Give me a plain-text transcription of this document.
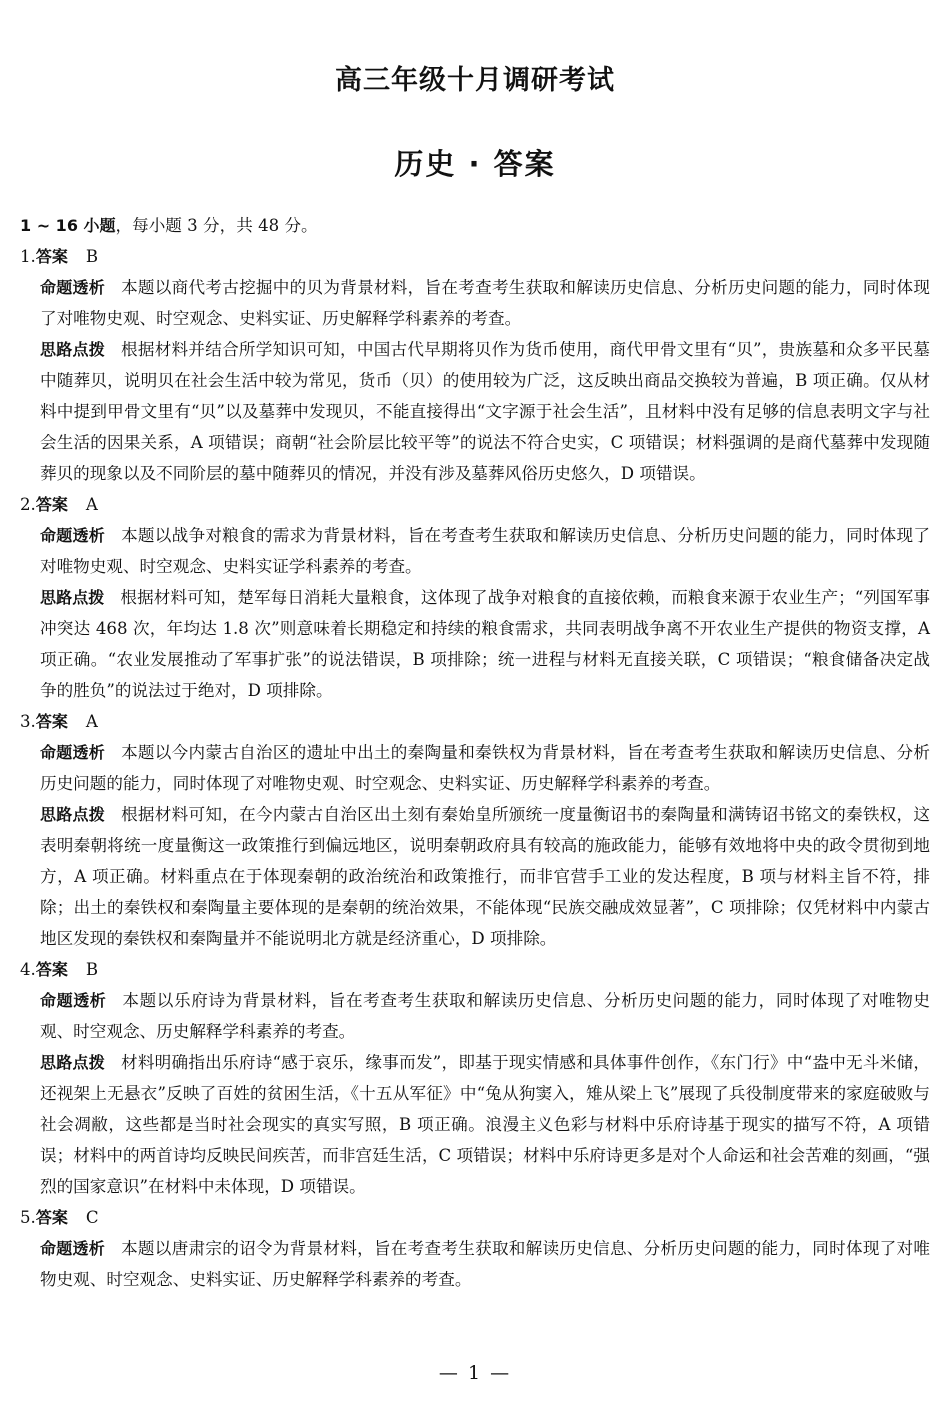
高三年级十月调研考试
历史 · 答案

1 ~ 16 小题，每小题 3 分，共 48 分。

1.答案 B

命题透析 本题以商代考古挖掘中的贝为背景材料，旨在考查考生获取和解读历史信息、分析历史问题的能力，同时体现了对唯物史观、时空观念、史料实证、历史解释学科素养的考查。

思路点拨 根据材料并结合所学知识可知，中国古代早期将贝作为货币使用，商代甲骨文里有“贝”，贵族墓和众多平民墓中随葬贝，说明贝在社会生活中较为常见，货币（贝）的使用较为广泛，这反映出商品交换较为普遍，B 项正确。仅从材料中提到甲骨文里有“贝”以及墓葬中发现贝，不能直接得出“文字源于社会生活”，且材料中没有足够的信息表明文字与社会生活的因果关系，A 项错误；商朝“社会阶层比较平等”的说法不符合史实，C 项错误；材料强调的是商代墓葬中发现随葬贝的现象以及不同阶层的墓中随葬贝的情况，并没有涉及墓葬风俗历史悠久，D 项错误。

2.答案 A

命题透析 本题以战争对粮食的需求为背景材料，旨在考查考生获取和解读历史信息、分析历史问题的能力，同时体现了对唯物史观、时空观念、史料实证学科素养的考查。

思路点拨 根据材料可知，楚军每日消耗大量粮食，这体现了战争对粮食的直接依赖，而粮食来源于农业生产；“列国军事冲突达 468 次，年均达 1.8 次”则意味着长期稳定和持续的粮食需求，共同表明战争离不开农业生产提供的物资支撑，A 项正确。“农业发展推动了军事扩张”的说法错误，B 项排除；统一进程与材料无直接关联，C 项错误；“粮食储备决定战争的胜负”的说法过于绝对，D 项排除。

3.答案 A

命题透析 本题以今内蒙古自治区的遗址中出土的秦陶量和秦铁权为背景材料，旨在考查考生获取和解读历史信息、分析历史问题的能力，同时体现了对唯物史观、时空观念、史料实证、历史解释学科素养的考查。

思路点拨 根据材料可知，在今内蒙古自治区出土刻有秦始皇所颁统一度量衡诏书的秦陶量和满铸诏书铭文的秦铁权，这表明秦朝将统一度量衡这一政策推行到偏远地区，说明秦朝政府具有较高的施政能力，能够有效地将中央的政令贯彻到地方，A 项正确。材料重点在于体现秦朝的政治统治和政策推行，而非官营手工业的发达程度，B 项与材料主旨不符，排除；出土的秦铁权和秦陶量主要体现的是秦朝的统治效果，不能体现“民族交融成效显著”，C 项排除；仅凭材料中内蒙古地区发现的秦铁权和秦陶量并不能说明北方就是经济重心，D 项排除。

4.答案 B

命题透析 本题以乐府诗为背景材料，旨在考查考生获取和解读历史信息、分析历史问题的能力，同时体现了对唯物史观、时空观念、历史解释学科素养的考查。

思路点拨 材料明确指出乐府诗“感于哀乐，缘事而发”，即基于现实情感和具体事件创作，《东门行》中“盎中无斗米储，还视架上无悬衣”反映了百姓的贫困生活，《十五从军征》中“兔从狗窦入，雉从梁上飞”展现了兵役制度带来的家庭破败与社会凋敝，这些都是当时社会现实的真实写照，B 项正确。浪漫主义色彩与材料中乐府诗基于现实的描写不符，A 项错误；材料中的两首诗均反映民间疾苦，而非宫廷生活，C 项错误；材料中乐府诗更多是对个人命运和社会苦难的刻画，“强烈的国家意识”在材料中未体现，D 项错误。

5.答案 C

命题透析 本题以唐肃宗的诏令为背景材料，旨在考查考生获取和解读历史信息、分析历史问题的能力，同时体现了对唯物史观、时空观念、史料实证、历史解释学科素养的考查。

— 1 —
